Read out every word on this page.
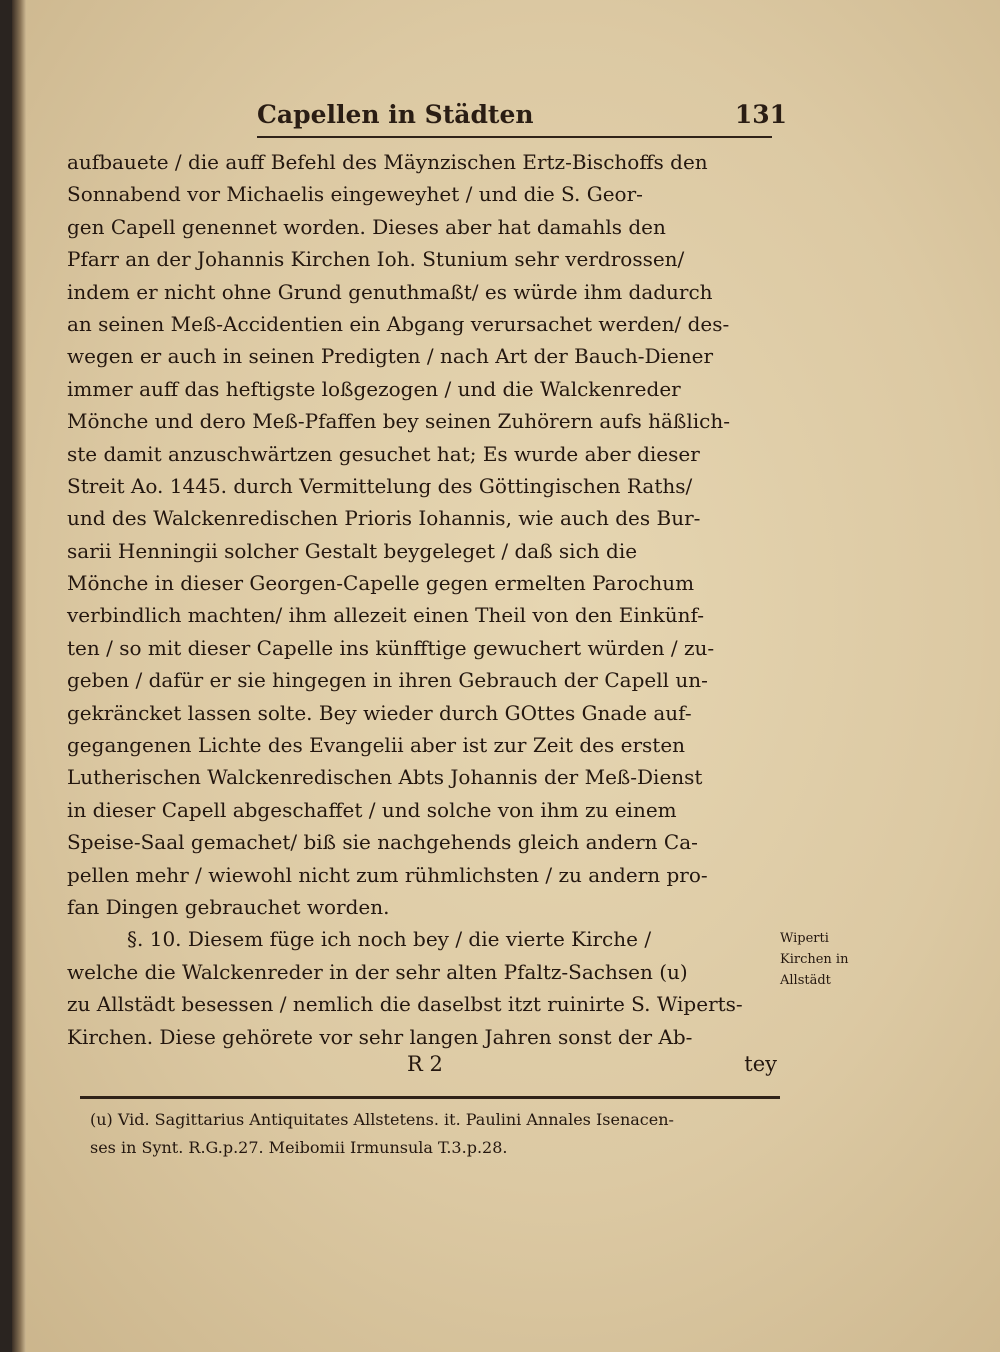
Capellen in Städten	131
aufbauete / die auff Befehl des Mäynzischen Ertz-Bischoffs den
Sonnabend vor Michaelis eingeweyhet / und die S. Geor-
gen Capell genennet worden. Dieses aber hat damahls den
Pfarr an der Johannis Kirchen Ioh. Stunium sehr verdrossen/
indem er nicht ohne Grund genuthmaßt/ es würde ihm dadurch
an seinen Meß-Accidentien ein Abgang verursachet werden/ des-
wegen er auch in seinen Predigten / nach Art der Bauch-Diener
immer auff das heftigste loßgezogen / und die Walckenreder
Mönche und dero Meß-Pfaffen bey seinen Zuhörern aufs häßlich-
ste damit anzuschwärtzen gesuchet hat; Es wurde aber dieser
Streit Ao. 1445. durch Vermittelung des Göttingischen Raths/
und des Walckenredischen Prioris Iohannis, wie auch des Bur-
sarii Henningii solcher Gestalt beygeleget / daß sich die
Mönche in dieser Georgen-Capelle gegen ermelten Parochum
verbindlich machten/ ihm allezeit einen Theil von den Einkünf-
ten / so mit dieser Capelle ins künfftige gewuchert würden / zu-
geben / dafür er sie hingegen in ihren Gebrauch der Capell un-
gekräncket lassen solte. Bey wieder durch GOttes Gnade auf-
gegangenen Lichte des Evangelii aber ist zur Zeit des ersten
Lutherischen Walckenredischen Abts Johannis der Meß-Dienst
in dieser Capell abgeschaffet / und solche von ihm zu einem
Speise-Saal gemachet/ biß sie nachgehends gleich andern Ca-
pellen mehr / wiewohl nicht zum rühmlichsten / zu andern pro-
fan Dingen gebrauchet worden.
§. 10. Diesem füge ich noch bey / die vierte Kirche /
welche die Walckenreder in der sehr alten Pfaltz-Sachsen (u)
zu Allstädt besessen / nemlich die daselbst itzt ruinirte S. Wiperts-
Kirchen. Diese gehörete vor sehr langen Jahren sonst der Ab-
Wiperti
Kirchen in
Allstädt
R 2	tey
(u) Vid. Sagittarius Antiquitates Allstetens. it. Paulini Annales Isenacen-
ses in Synt. R.G.p.27. Meibomii Irmunsula T.3.p.28.
